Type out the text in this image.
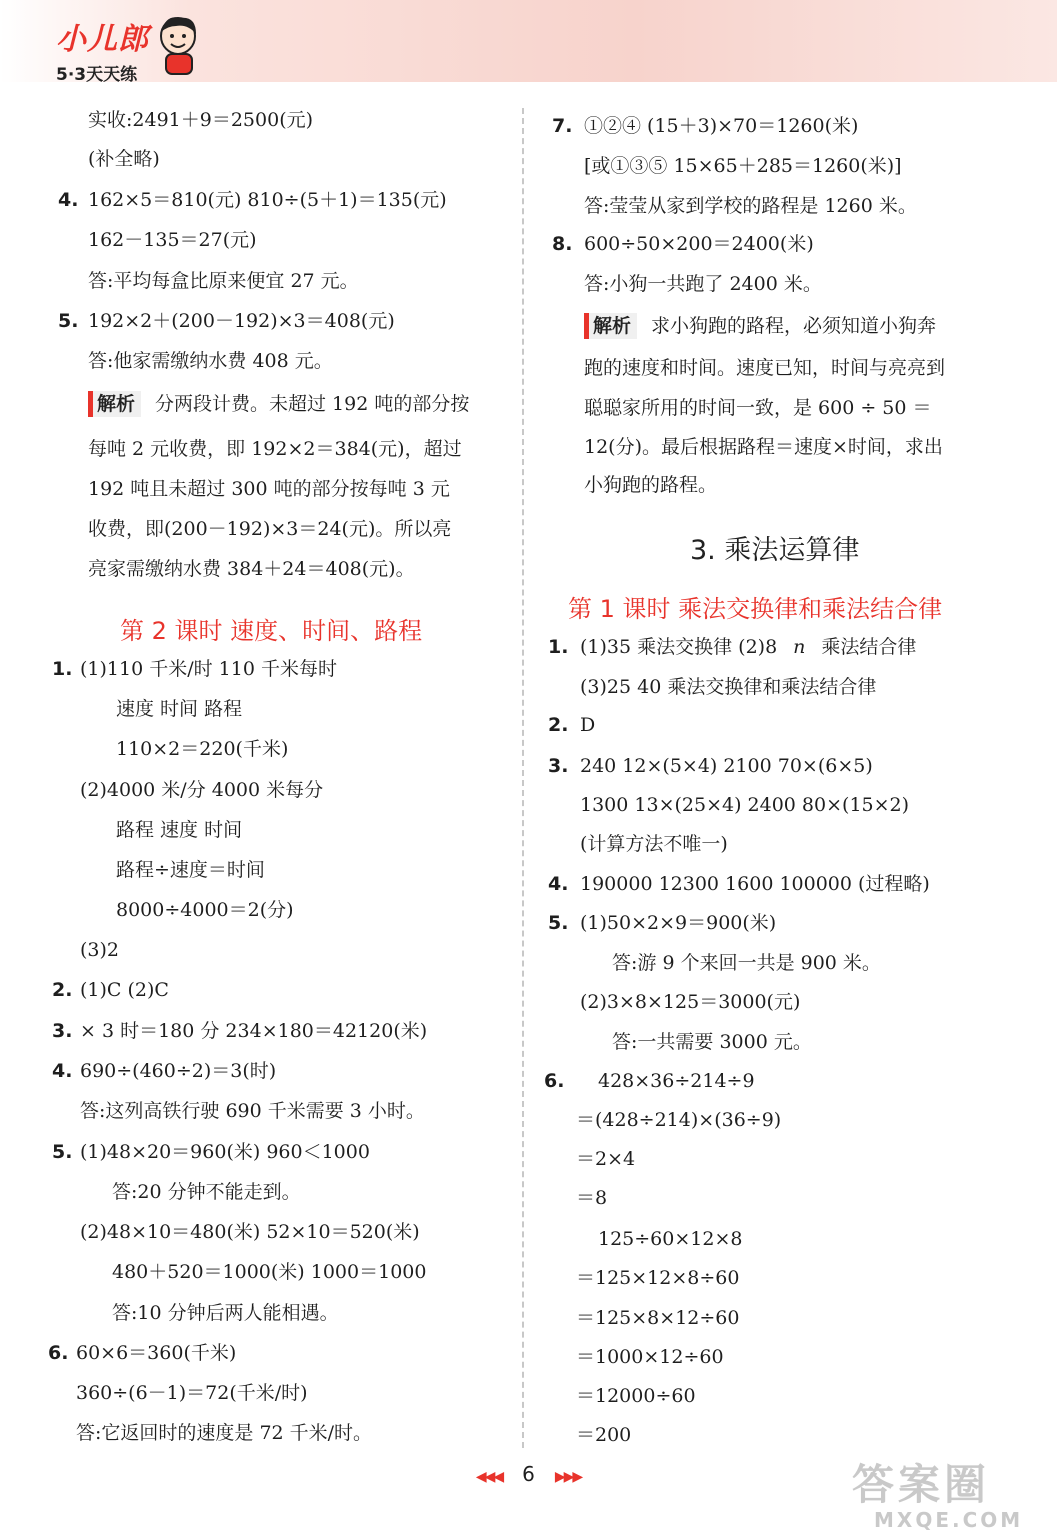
小儿郎
5·3天天练
实收:2491＋9＝2500(元)
(补全略)
4. 162×5＝810(元) 810÷(5＋1)＝135(元)
162－135＝27(元)
答:平均每盒比原来便宜 27 元。
5. 192×2＋(200－192)×3＝408(元)
答:他家需缴纳水费 408 元。
解析 分两段计费。未超过 192 吨的部分按
每吨 2 元收费，即 192×2＝384(元)，超过
192 吨且未超过 300 吨的部分按每吨 3 元
收费，即(200－192)×3＝24(元)。所以亮
亮家需缴纳水费 384＋24＝408(元)。
第 2 课时 速度、时间、路程
1. (1)110 千米/时 110 千米每时
速度 时间 路程
110×2＝220(千米)
(2)4000 米/分 4000 米每分
路程 速度 时间
路程÷速度＝时间
8000÷4000＝2(分)
(3)2
2. (1)C (2)C
3. × 3 时＝180 分 234×180＝42120(米)
4. 690÷(460÷2)＝3(时)
答:这列高铁行驶 690 千米需要 3 小时。
5. (1)48×20＝960(米) 960＜1000
答:20 分钟不能走到。
(2)48×10＝480(米) 52×10＝520(米)
480＋520＝1000(米) 1000＝1000
答:10 分钟后两人能相遇。
6. 60×6＝360(千米)
360÷(6－1)＝72(千米/时)
答:它返回时的速度是 72 千米/时。
7. ①②④ (15＋3)×70＝1260(米)
[或①③⑤ 15×65＋285＝1260(米)]
答:莹莹从家到学校的路程是 1260 米。
8. 600÷50×200＝2400(米)
答:小狗一共跑了 2400 米。
解析 求小狗跑的路程，必须知道小狗奔
跑的速度和时间。速度已知，时间与亮亮到
聪聪家所用的时间一致，是 600 ÷ 50 ＝
12(分)。最后根据路程＝速度×时间，求出
小狗跑的路程。
3. 乘法运算律
第 1 课时 乘法交换律和乘法结合律
1. (1)35 乘法交换律 (2)8 n 乘法结合律
(3)25 40 乘法交换律和乘法结合律
2. D
3. 240 12×(5×4) 2100 70×(6×5)
1300 13×(25×4) 2400 80×(15×2)
(计算方法不唯一)
4. 190000 12300 1600 100000 (过程略)
5. (1)50×2×9＝900(米)
答:游 9 个来回一共是 900 米。
(2)3×8×125＝3000(元)
答:一共需要 3000 元。
6. 428×36÷214÷9
＝(428÷214)×(36÷9)
＝2×4
＝8
125÷60×12×8
＝125×12×8÷60
＝125×8×12÷60
＝1000×12÷60
＝12000÷60
＝200
◀◀◀ 6 ▶▶▶	答案圈
MXQE.COM
